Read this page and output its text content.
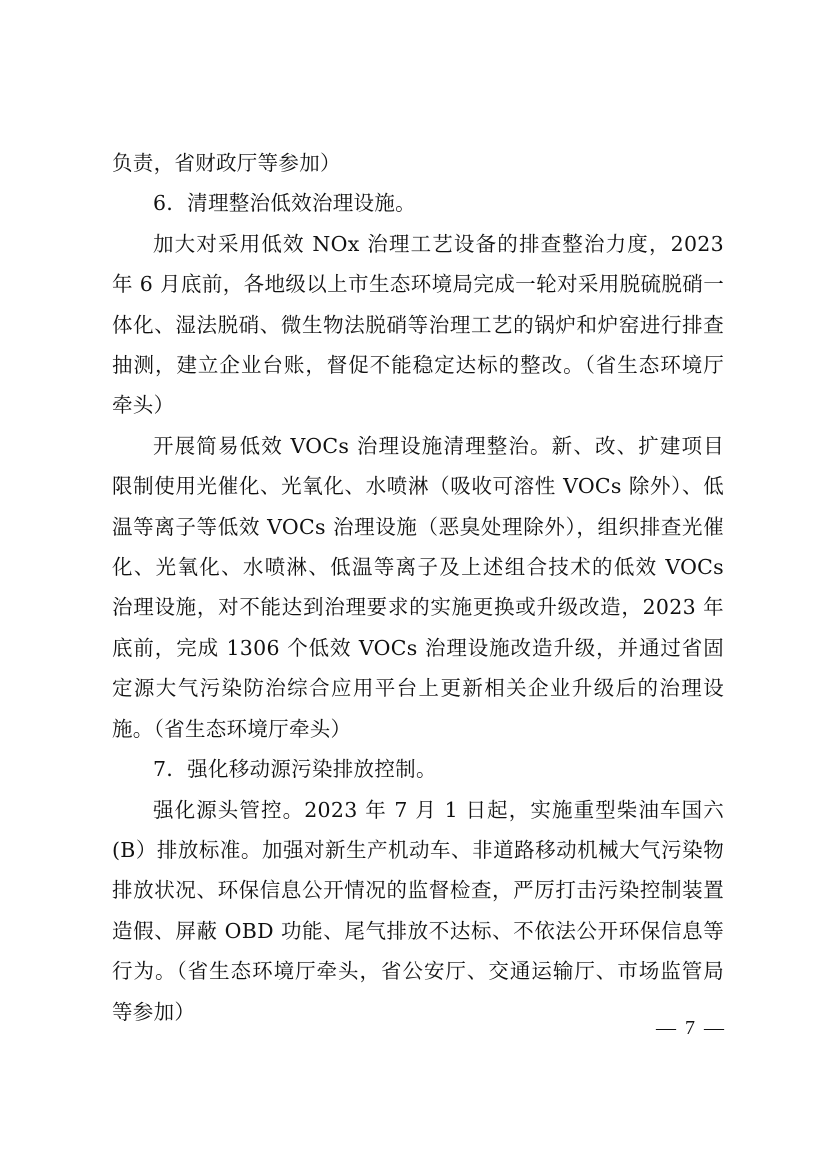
负责，省财政厅等参加）

6．清理整治低效治理设施。

加大对采用低效 NOx 治理工艺设备的排查整治力度，2023 年 6 月底前，各地级以上市生态环境局完成一轮对采用脱硫脱硝一体化、湿法脱硝、微生物法脱硝等治理工艺的锅炉和炉窑进行排查抽测，建立企业台账，督促不能稳定达标的整改。（省生态环境厅牵头）

开展简易低效 VOCs 治理设施清理整治。新、改、扩建项目限制使用光催化、光氧化、水喷淋（吸收可溶性 VOCs 除外）、低温等离子等低效 VOCs 治理设施（恶臭处理除外），组织排查光催化、光氧化、水喷淋、低温等离子及上述组合技术的低效 VOCs 治理设施，对不能达到治理要求的实施更换或升级改造，2023 年底前，完成 1306 个低效 VOCs 治理设施改造升级，并通过省固定源大气污染防治综合应用平台上更新相关企业升级后的治理设施。（省生态环境厅牵头）

7．强化移动源污染排放控制。

强化源头管控。2023 年 7 月 1 日起，实施重型柴油车国六(B）排放标准。加强对新生产机动车、非道路移动机械大气污染物排放状况、环保信息公开情况的监督检查，严厉打击污染控制装置造假、屏蔽 OBD 功能、尾气排放不达标、不依法公开环保信息等行为。（省生态环境厅牵头，省公安厅、交通运输厅、市场监管局等参加）

— 7 —
